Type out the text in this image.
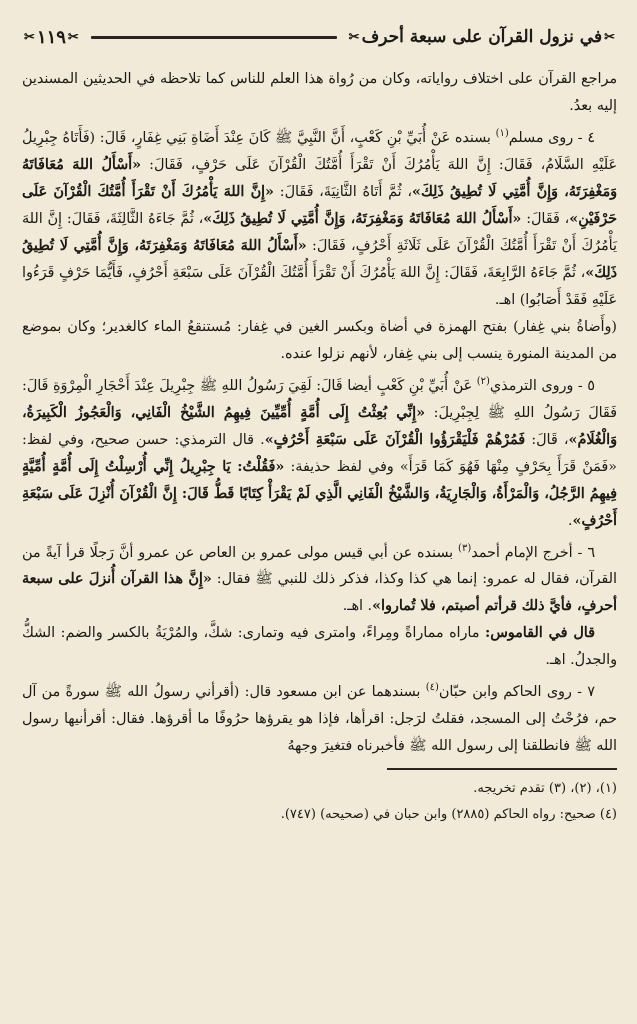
✂
في نزول القرآن على سبعة أحرف
✂
✂
١١٩
✂

مراجع القرآن على اختلاف رواياته، وكان من رُواة هذا العلم للناس كما تلاحظه في الحديثين المسندين إليه بعدُ.

٤ - روى مسلم$^{(١)}$ بسنده عَنْ أُبَيِّ بْنِ كَعْبٍ، أَنَّ النَّبِيَّ ﷺ كَانَ عِنْدَ أَضَاةِ بَنِي غِفَارٍ، قَالَ: (فَأَتَاهُ جِبْرِيلُ عَلَيْهِ السَّلَامُ، فَقَالَ: إِنَّ اللهَ يَأْمُرُكَ أَنْ تَقْرَأَ أُمَّتُكَ الْقُرْآنَ عَلَى حَرْفٍ، فَقَالَ: «أَسْأَلُ اللهَ مُعَافَاتَهُ وَمَغْفِرَتَهُ، وَإِنَّ أُمَّتِي لَا تُطِيقُ ذَلِكَ»، ثُمَّ أَتَاهُ الثَّانِيَةَ، فَقَالَ: «إِنَّ اللهَ يَأْمُرُكَ أَنْ تَقْرَأَ أُمَّتُكَ الْقُرْآنَ عَلَى حَرْفَيْنِ»، فَقَالَ: «أَسْأَلُ اللهَ مُعَافَاتَهُ وَمَغْفِرَتَهُ، وَإِنَّ أُمَّتِي لَا تُطِيقُ ذَلِكَ»، ثُمَّ جَاءَهُ الثَّالِثَةَ، فَقَالَ: إِنَّ اللهَ يَأْمُرُكَ أَنْ تَقْرَأَ أُمَّتُكَ الْقُرْآنَ عَلَى ثَلَاثَةِ أَحْرُفٍ، فَقَالَ: «أَسْأَلُ اللهَ مُعَافَاتَهُ وَمَغْفِرَتَهُ، وَإِنَّ أُمَّتِي لَا تُطِيقُ ذَلِكَ»، ثُمَّ جَاءَهُ الرَّابِعَةَ، فَقَالَ: إِنَّ اللهَ يَأْمُرُكَ أَنْ تَقْرَأَ أُمَّتُكَ الْقُرْآنَ عَلَى سَبْعَةِ أَحْرُفٍ، فَأَيُّمَا حَرْفٍ قَرَءُوا عَلَيْهِ فَقَدْ أَصَابُوا) اهـ.

(وأَضاةُ بني غِفار) بفتح الهمزة في أضاة وبكسر الغين في غِفار: مُستنقعُ الماء كالغدير؛ وكان بموضع من المدينة المنورة ينسب إلى بني غِفار، لأنهم نزلوا عنده.

٥ - وروى الترمذي$^{(٢)}$ عَنْ أُبَيِّ بْنِ كَعْبٍ أيضا قَالَ: لَقِيَ رَسُولُ اللهِ ﷺ جِبْرِيلَ عِنْدَ أَحْجَارِ الْمِرْوَةِ قَالَ: فَقَالَ رَسُولُ اللهِ ﷺ لِجِبْرِيلَ: «إِنِّي بُعِثْتُ إِلَى أُمَّةٍ أُمِّيِّينَ فِيهِمُ الشَّيْخُ الْفَانِي، وَالْعَجُوزُ الْكَبِيرَةُ، وَالْغُلَامُ»، قَالَ: فَمُرْهُمْ فَلْيَقْرَؤُوا الْقُرْآنَ عَلَى سَبْعَةِ أَحْرُفٍ». قال الترمذي: حسن صحيح، وفي لفظ: «فَمَنْ قَرَأَ بِحَرْفٍ مِنْهَا فَهُوَ كَمَا قَرَأَ» وفي لفظ حذيفة: «فَقُلْتُ: يَا جِبْرِيلُ إِنِّي أُرْسِلْتُ إِلَى أُمَّةٍ أُمِّيَّةٍ فِيهِمُ الرَّجُلُ، وَالْمَرْأَةُ، وَالْجَارِيَةُ، وَالشَّيْخُ الْفَانِي الَّذِي لَمْ يَقْرَأْ كِتَابًا قَطُّ قَالَ: إِنَّ الْقُرْآنَ أُنْزِلَ عَلَى سَبْعَةِ أَحْرُفٍ».

٦ - أخرج الإمام أحمد$^{(٣)}$ بسنده عن أبي قيس مولى عمرو بن العاص عن عمرو أنَّ رَجلًا قرأ آيةً من القرآن، فقال له عمرو: إنما هي كذا وكذا، فذكر ذلك للنبي ﷺ فقال: «إِنَّ هذا القرآن أُنزلَ على سبعة أحرفٍ، فأيَّ ذلك قرأتم أصبتم، فلا تُماروا». اهـ.

قال في القاموس: ماراه مماراةً ومِراءً، وامترى فيه وتمارى: شكَّ، والمُرْيَةُ بالكسر والضم: الشكُّ والجدلُ. اهـ.

٧ - روى الحاكم وابن حبّان$^{(٤)}$ بسندهما عن ابن مسعود قال: (أقرأني رسولُ الله ﷺ سورةً من آل حم، فرُحْتُ إلى المسجد، فقلتُ لرَجل: اقرأها، فإذا هو يقرؤها حرُوفًا ما أقرؤها. فقال: أقرأنيها رسول الله ﷺ فانطلقنا إلى رسول الله ﷺ فأخبرناه فتغيرَ وجههُ

(١)، (٢)، (٣) تقدم تخريجه.

(٤) صحيح: رواه الحاكم (٢٨٨٥) وابن حبان في (صحيحه) (٧٤٧).
